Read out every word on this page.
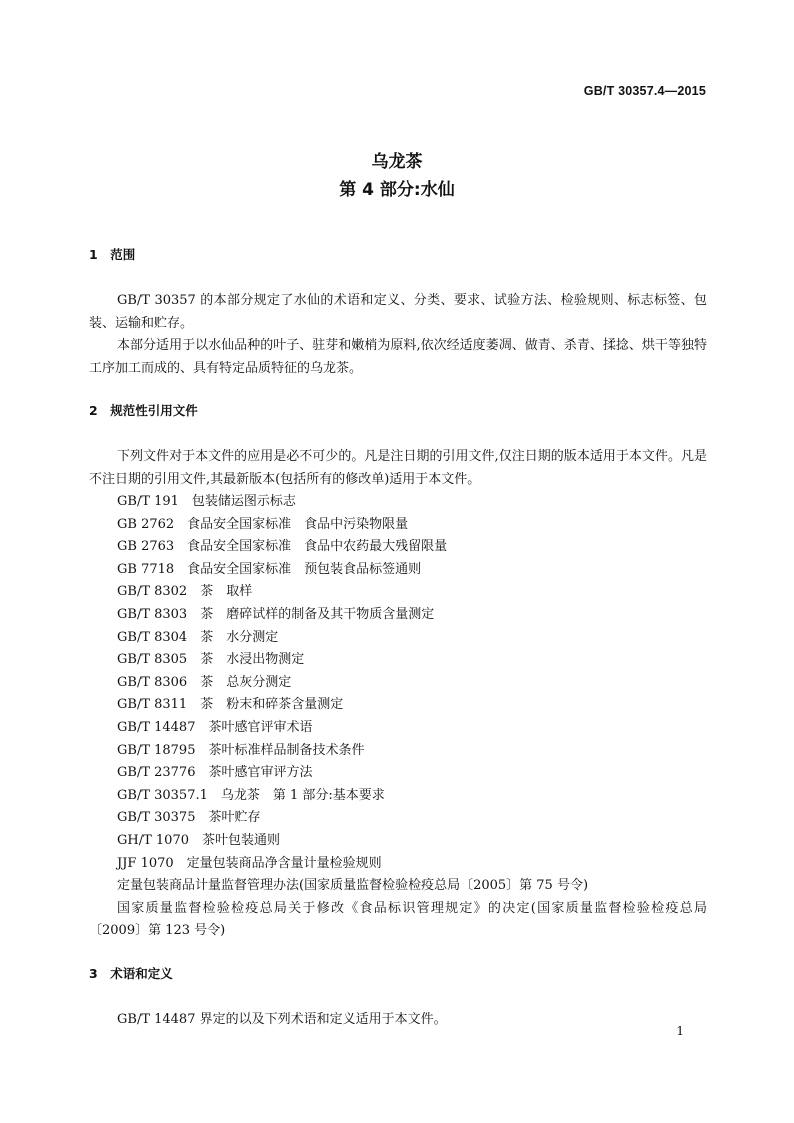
GB/T 30357.4—2015
乌龙茶
第 4 部分:水仙
1　范围

GB/T 30357 的本部分规定了水仙的术语和定义、分类、要求、试验方法、检验规则、标志标签、包装、运输和贮存。

本部分适用于以水仙品种的叶子、驻芽和嫩梢为原料,依次经适度萎凋、做青、杀青、揉捻、烘干等独特工序加工而成的、具有特定品质特征的乌龙茶。

2　规范性引用文件

下列文件对于本文件的应用是必不可少的。凡是注日期的引用文件,仅注日期的版本适用于本文件。凡是不注日期的引用文件,其最新版本(包括所有的修改单)适用于本文件。

GB/T 191　包装储运图示标志
GB 2762　食品安全国家标准　食品中污染物限量
GB 2763　食品安全国家标准　食品中农药最大残留限量
GB 7718　食品安全国家标准　预包装食品标签通则
GB/T 8302　茶　取样
GB/T 8303　茶　磨碎试样的制备及其干物质含量测定
GB/T 8304　茶　水分测定
GB/T 8305　茶　水浸出物测定
GB/T 8306　茶　总灰分测定
GB/T 8311　茶　粉末和碎茶含量测定
GB/T 14487　茶叶感官评审术语
GB/T 18795　茶叶标准样品制备技术条件
GB/T 23776　茶叶感官审评方法
GB/T 30357.1　乌龙茶　第 1 部分:基本要求
GB/T 30375　茶叶贮存
GH/T 1070　茶叶包装通则
JJF 1070　定量包装商品净含量计量检验规则
定量包装商品计量监督管理办法(国家质量监督检验检疫总局〔2005〕第 75 号令)

国家质量监督检验检疫总局关于修改《食品标识管理规定》的决定(国家质量监督检验检疫总局〔2009〕第 123 号令)

3　术语和定义

GB/T 14487 界定的以及下列术语和定义适用于本文件。

1
